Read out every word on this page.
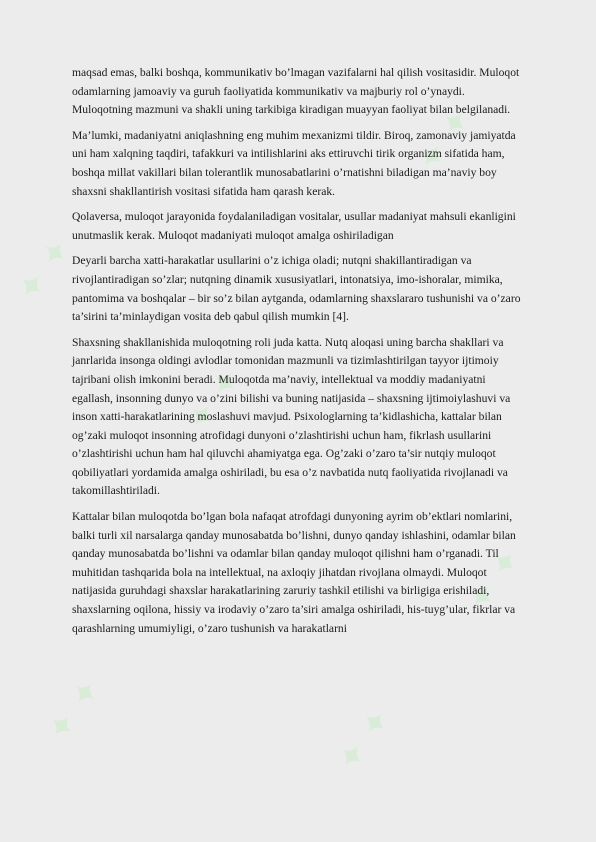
✦ ✦
✦ ✦
✦ ✦
✦ ✦
✦ ✦	✦ ✦

maqsad emas, balki boshqa, kommunikativ bo’lmagan vazifalarni hal qilish vositasidir. Muloqot odamlarning jamoaviy va guruh faoliyatida kommunikativ va majburiy rol o’ynaydi. Muloqotning mazmuni va shakli uning tarkibiga kiradigan muayyan faoliyat bilan belgilanadi.

Ma’lumki, madaniyatni aniqlashning eng muhim mexanizmi tildir. Biroq, zamonaviy jamiyatda uni ham xalqning taqdiri, tafakkuri va intilishlarini aks ettiruvchi tirik organizm sifatida ham, boshqa millat vakillari bilan tolerantlik munosabatlarini o’rnatishni biladigan ma’naviy boy shaxsni shakllantirish vositasi sifatida ham qarash kerak.

Qolaversa, muloqot jarayonida foydalaniladigan vositalar, usullar madaniyat mahsuli ekanligini unutmaslik kerak. Muloqot madaniyati muloqot amalga oshiriladigan

Deyarli barcha xatti-harakatlar usullarini o’z ichiga oladi; nutqni shakillantiradigan va rivojlantiradigan so’zlar; nutqning dinamik xususiyatlari, intonatsiya, imo-ishoralar, mimika, pantomima va boshqalar – bir so’z bilan aytganda, odamlarning shaxslararo tushunishi va o’zaro ta’sirini ta’minlaydigan vosita deb qabul qilish mumkin [4].

Shaxsning shakllanishida muloqotning roli juda katta. Nutq aloqasi uning barcha shakllari va janrlarida insonga oldingi avlodlar tomonidan mazmunli va tizimlashtirilgan tayyor ijtimoiy tajribani olish imkonini beradi. Muloqotda ma’naviy, intellektual va moddiy madaniyatni egallash, insonning dunyo va o’zini bilishi va buning natijasida – shaxsning ijtimoiylashuvi va inson xatti-harakatlarining moslashuvi mavjud. Psixologlarning ta’kidlashicha, kattalar bilan og’zaki muloqot insonning atrofidagi dunyoni o’zlashtirishi uchun ham, fikrlash usullarini o’zlashtirishi uchun ham hal qiluvchi ahamiyatga ega. Og’zaki o’zaro ta’sir nutqiy muloqot qobiliyatlari yordamida amalga oshiriladi, bu esa o’z navbatida nutq faoliyatida rivojlanadi va takomillashtiriladi.

Kattalar bilan muloqotda bo’lgan bola nafaqat atrofdagi dunyoning ayrim ob’ektlari nomlarini, balki turli xil narsalarga qanday munosabatda bo’lishni, dunyo qanday ishlashini, odamlar bilan qanday munosabatda bo’lishni va odamlar bilan qanday muloqot qilishni ham o’rganadi. Til muhitidan tashqarida bola na intellektual, na axloqiy jihatdan rivojlana olmaydi. Muloqot natijasida guruhdagi shaxslar harakatlarining zaruriy tashkil etilishi va birligiga erishiladi, shaxslarning oqilona, hissiy va irodaviy o’zaro ta’siri amalga oshiriladi, his-tuyg’ular, fikrlar va qarashlarning umumiyligi, o’zaro tushunish va harakatlarni
